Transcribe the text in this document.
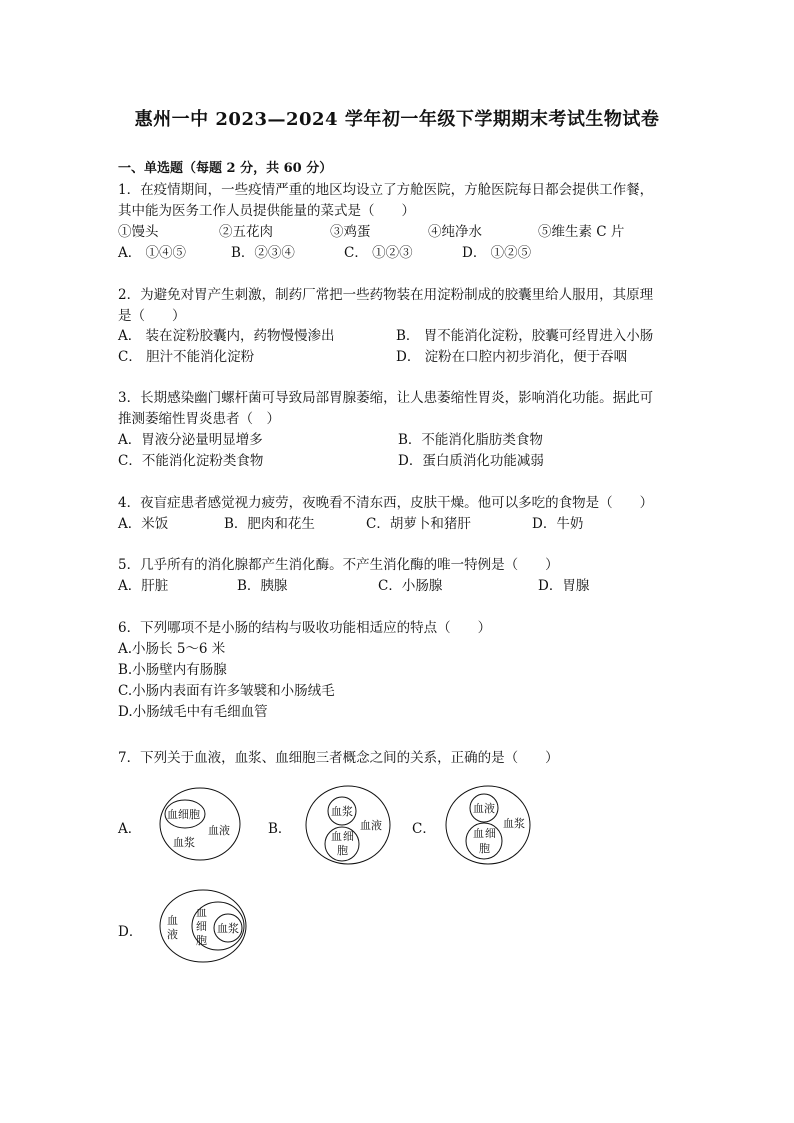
惠州一中 2023—2024 学年初一年级下学期期末考试生物试卷
一、单选题（每题 2 分，共 60 分）
1．在疫情期间，一些疫情严重的地区均设立了方舱医院，方舱医院每日都会提供工作餐，
其中能为医务工作人员提供能量的菜式是（　　）
①馒头	②五花肉	③鸡蛋	④纯净水	⑤维生素 C 片
A． ①④⑤	B．②③④	C． ①②③	D． ①②⑤
2．为避免对胃产生刺激，制药厂常把一些药物装在用淀粉制成的胶囊里给人服用，其原理
是（　　）
A． 装在淀粉胶囊内，药物慢慢渗出	B． 胃不能消化淀粉，胶囊可经胃进入小肠
C． 胆汁不能消化淀粉	D． 淀粉在口腔内初步消化，便于吞咽
3．长期感染幽门螺杆菌可导致局部胃腺萎缩，让人患萎缩性胃炎，影响消化功能。据此可
推测萎缩性胃炎患者（　）
A．胃液分泌量明显增多	B．不能消化脂肪类食物
C．不能消化淀粉类食物	D．蛋白质消化功能减弱
4．夜盲症患者感觉视力疲劳，夜晚看不清东西，皮肤干燥。他可以多吃的食物是（　　）
A．米饭	B．肥肉和花生	C．胡萝卜和猪肝	D．牛奶
5．几乎所有的消化腺都产生消化酶。不产生消化酶的唯一特例是（　　）
A．肝脏	B．胰腺	C．小肠腺	D．胃腺
6．下列哪项不是小肠的结构与吸收功能相适应的特点（　　）
A.小肠长 5～6 米
B.小肠壁内有肠腺
C.小肠内表面有许多皱襞和小肠绒毛
D.小肠绒毛中有毛细血管
7．下列关于血液，血浆、血细胞三者概念之间的关系，正确的是（　　）
A．
血细胞
血液
血浆
B．
血浆
血液
血 细
胞
C．
血液
血浆
血 细
胞
D．
血
液
血
细
胞
血浆
